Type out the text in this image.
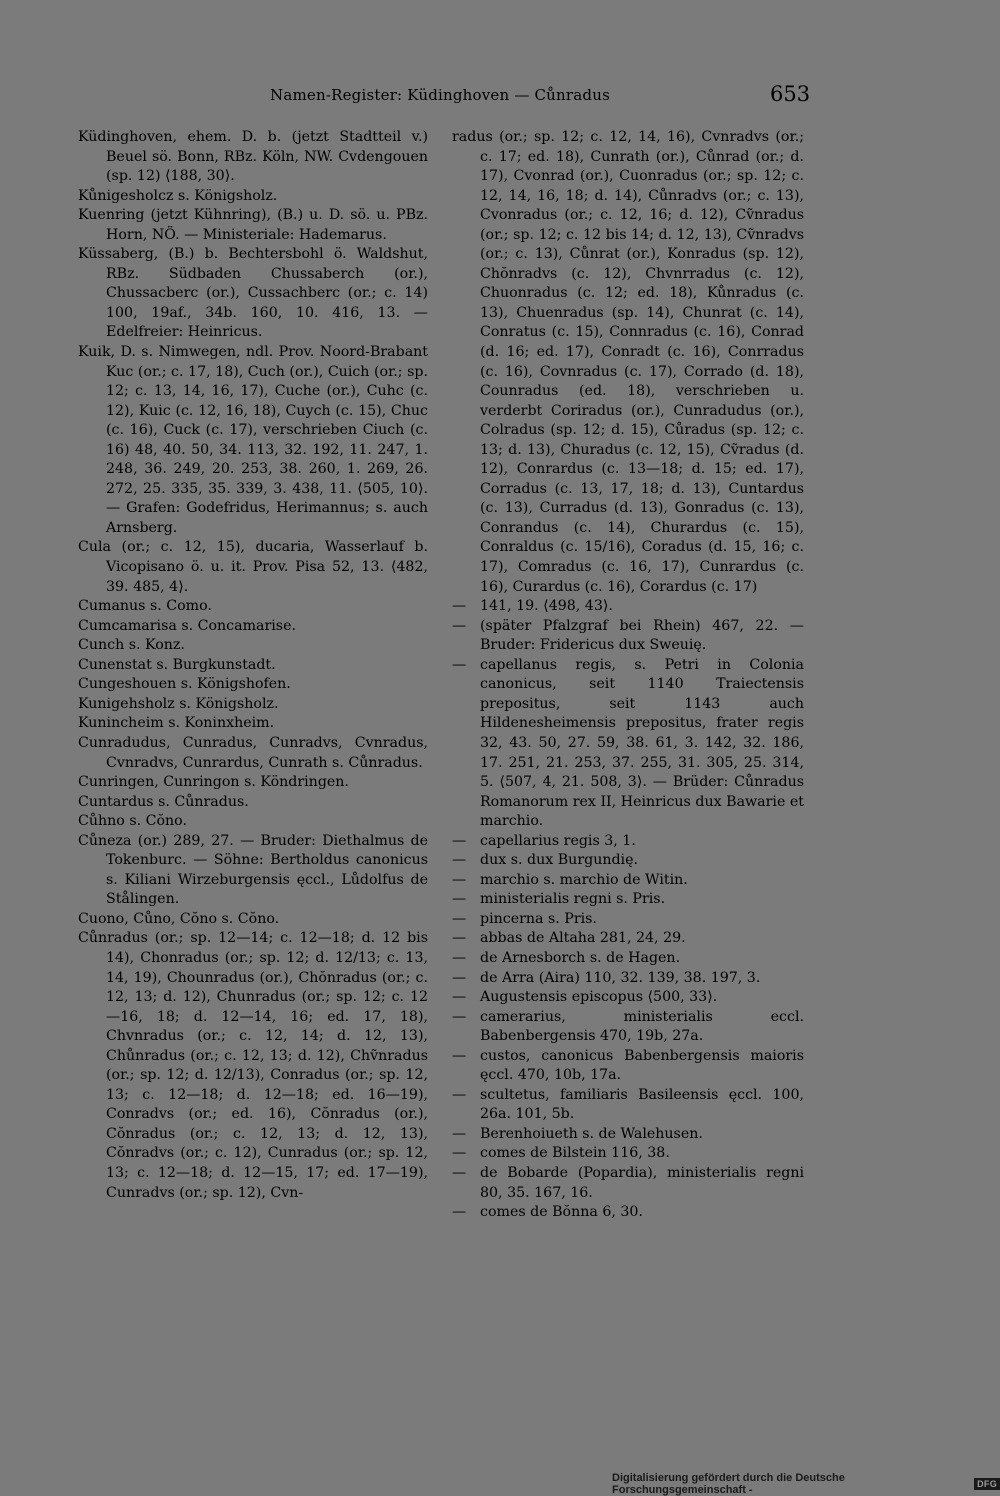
Namen-Register: Küdinghoven — Cůnradus	653

Küdinghoven, ehem. D. b. (jetzt Stadtteil v.) Beuel sö. Bonn, RBz. Köln, NW. Cvdengouen (sp. 12) ⟨188, 30⟩.

Kůnigesholcz s. Königsholz.

Kuenring (jetzt Kühnring), (B.) u. D. sö. u. PBz. Horn, NÖ. — Ministeriale: Hademarus.

Küssaberg, (B.) b. Bechtersbohl ö. Waldshut, RBz. Südbaden Chussaberch (or.), Chussacberc (or.), Cussachberc (or.; c. 14) 100, 19af., 34b. 160, 10. 416, 13. — Edelfreier: Heinricus.

Kuik, D. s. Nimwegen, ndl. Prov. Noord-Brabant Kuc (or.; c. 17, 18), Cuch (or.), Cuich (or.; sp. 12; c. 13, 14, 16, 17), Cuche (or.), Cuhc (c. 12), Kuic (c. 12, 16, 18), Cuych (c. 15), Chuc (c. 16), Cuck (c. 17), verschrieben Ciuch (c. 16) 48, 40. 50, 34. 113, 32. 192, 11. 247, 1. 248, 36. 249, 20. 253, 38. 260, 1. 269, 26. 272, 25. 335, 35. 339, 3. 438, 11. ⟨505, 10⟩. — Grafen: Godefridus, Herimannus; s. auch Arnsberg.

Cula (or.; c. 12, 15), ducaria, Wasserlauf b. Vicopisano ö. u. it. Prov. Pisa 52, 13. ⟨482, 39. 485, 4⟩.

Cumanus s. Como.

Cumcamarisa s. Concamarise.

Cunch s. Konz.

Cunenstat s. Burgkunstadt.

Cungeshouen s. Königshofen.

Kunigehsholz s. Königsholz.

Kunincheim s. Koninxheim.

Cunradudus, Cunradus, Cunradvs, Cvnradus, Cvnradvs, Cunrardus, Cunrath s. Cůnradus.

Cunringen, Cunringon s. Köndringen.

Cuntardus s. Cůnradus.

Cůhno s. Cŏno.

Cůneza (or.) 289, 27. — Bruder: Diethalmus de Tokenburc. — Söhne: Bertholdus canonicus s. Kiliani Wirzeburgensis ęccl., Lůdolfus de Stålingen.

Cuono, Cůno, Cŏno s. Cŏno.

Cůnradus (or.; sp. 12—14; c. 12—18; d. 12 bis 14), Chonradus (or.; sp. 12; d. 12/13; c. 13, 14, 19), Chounradus (or.), Chŏnradus (or.; c. 12, 13; d. 12), Chunradus (or.; sp. 12; c. 12—16, 18; d. 12—14, 16; ed. 17, 18), Chvnradus (or.; c. 12, 14; d. 12, 13), Chůnradus (or.; c. 12, 13; d. 12), Chṽnradus (or.; sp. 12; d. 12/13), Conradus (or.; sp. 12, 13; c. 12—18; d. 12—18; ed. 16—19), Conradvs (or.; ed. 16), Cŏnradus (or.), Cŏnradus (or.; c. 12, 13; d. 12, 13), Cŏnradvs (or.; c. 12), Cunradus (or.; sp. 12, 13; c. 12—18; d. 12—15, 17; ed. 17—19), Cunradvs (or.; sp. 12), Cvn-

radus (or.; sp. 12; c. 12, 14, 16), Cvnradvs (or.; c. 17; ed. 18), Cunrath (or.), Cůnrad (or.; d. 17), Cvonrad (or.), Cuonradus (or.; sp. 12; c. 12, 14, 16, 18; d. 14), Cůnradvs (or.; c. 13), Cvonradus (or.; c. 12, 16; d. 12), Cṽnradus (or.; sp. 12; c. 12 bis 14; d. 12, 13), Cṽnradvs (or.; c. 13), Cůnrat (or.), Konradus (sp. 12), Chŏnradvs (c. 12), Chvnrradus (c. 12), Chuonradus (c. 12; ed. 18), Kůnradus (c. 13), Chuenradus (sp. 14), Chunrat (c. 14), Conratus (c. 15), Connradus (c. 16), Conrad (d. 16; ed. 17), Conradt (c. 16), Conrradus (c. 16), Covnradus (c. 17), Corrado (d. 18), Counradus (ed. 18), verschrieben u. verderbt Coriradus (or.), Cunradudus (or.), Colradus (sp. 12; d. 15), Cůradus (sp. 12; c. 13; d. 13), Churadus (c. 12, 15), Cṽradus (d. 12), Conrardus (c. 13—18; d. 15; ed. 17), Corradus (c. 13, 17, 18; d. 13), Cuntardus (c. 13), Curradus (d. 13), Gonradus (c. 13), Conrandus (c. 14), Churardus (c. 15), Conraldus (c. 15/16), Coradus (d. 15, 16; c. 17), Comradus (c. 16, 17), Cunrardus (c. 16), Curardus (c. 16), Corardus (c. 17)

— 141, 19. ⟨498, 43⟩.

— (später Pfalzgraf bei Rhein) 467, 22. — Bruder: Fridericus dux Sweuię.

— capellanus regis, s. Petri in Colonia canonicus, seit 1140 Traiectensis prepositus, seit 1143 auch Hildenesheimensis prepositus, frater regis 32, 43. 50, 27. 59, 38. 61, 3. 142, 32. 186, 17. 251, 21. 253, 37. 255, 31. 305, 25. 314, 5. ⟨507, 4, 21. 508, 3⟩. — Brüder: Cůnradus Romanorum rex II, Heinricus dux Bawarie et marchio.

— capellarius regis 3, 1.

— dux s. dux Burgundię.

— marchio s. marchio de Witin.

— ministerialis regni s. Pris.

— pincerna s. Pris.

— abbas de Altaha 281, 24, 29.

— de Arnesborch s. de Hagen.

— de Arra (Aira) 110, 32. 139, 38. 197, 3.

— Augustensis episcopus ⟨500, 33⟩.

— camerarius, ministerialis eccl. Babenbergensis 470, 19b, 27a.

— custos, canonicus Babenbergensis maioris ęccl. 470, 10b, 17a.

— scultetus, familiaris Basileensis ęccl. 100, 26a. 101, 5b.

— Berenhoiueth s. de Walehusen.

— comes de Bilstein 116, 38.

— de Bobarde (Popardia), ministerialis regni 80, 35. 167, 16.

— comes de Bŏnna 6, 30.

Digitalisierung gefördert durch die Deutsche Forschungsgemeinschaft -	DFG
